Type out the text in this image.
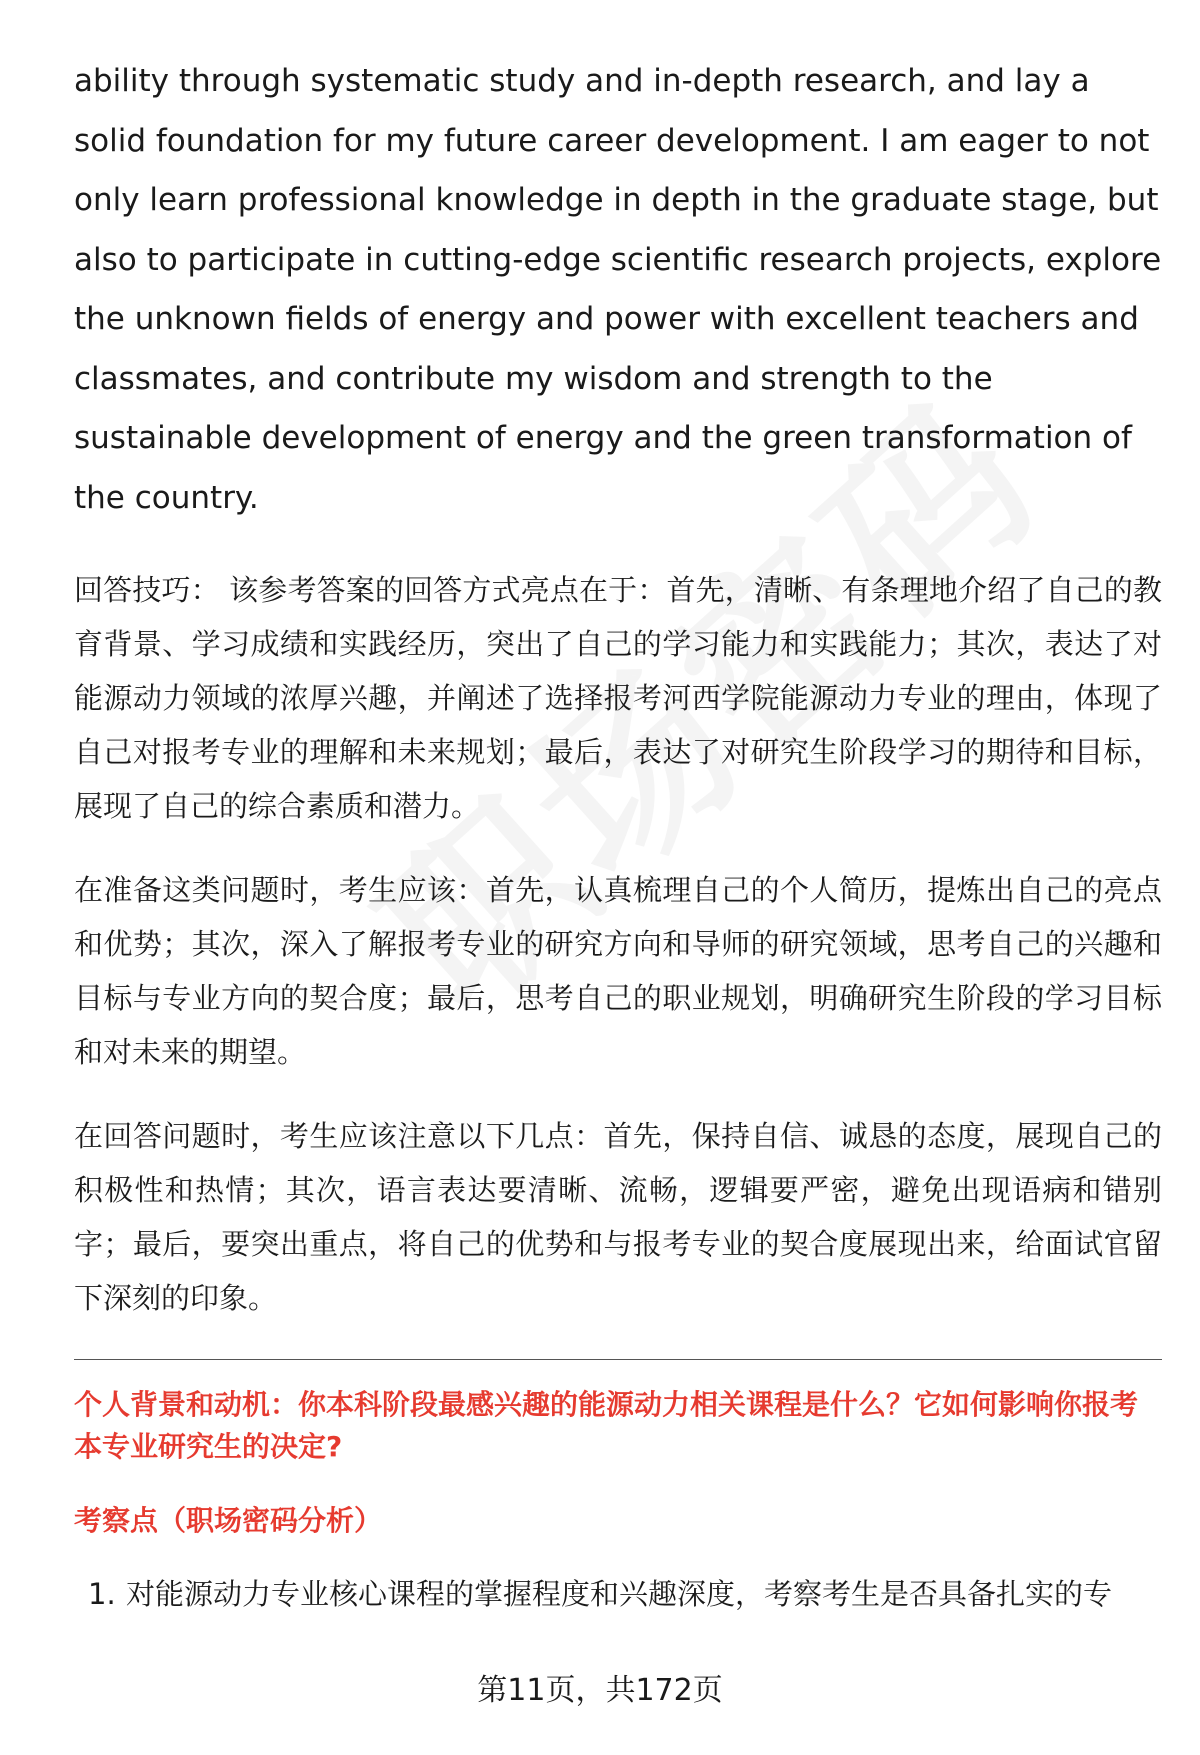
ability through systematic study and in-depth research, and lay a solid foundation for my future career development. I am eager to not only learn professional knowledge in depth in the graduate stage, but also to participate in cutting-edge scientific research projects, explore the unknown fields of energy and power with excellent teachers and classmates, and contribute my wisdom and strength to the sustainable development of energy and the green transformation of the country.

回答技巧： 该参考答案的回答方式亮点在于：首先，清晰、有条理地介绍了自己的教育背景、学习成绩和实践经历，突出了自己的学习能力和实践能力；其次，表达了对能源动力领域的浓厚兴趣，并阐述了选择报考河西学院能源动力专业的理由，体现了自己对报考专业的理解和未来规划；最后，表达了对研究生阶段学习的期待和目标，展现了自己的综合素质和潜力。

在准备这类问题时，考生应该：首先，认真梳理自己的个人简历，提炼出自己的亮点和优势；其次，深入了解报考专业的研究方向和导师的研究领域，思考自己的兴趣和目标与专业方向的契合度；最后，思考自己的职业规划，明确研究生阶段的学习目标和对未来的期望。

在回答问题时，考生应该注意以下几点：首先，保持自信、诚恳的态度，展现自己的积极性和热情；其次，语言表达要清晰、流畅，逻辑要严密，避免出现语病和错别字；最后，要突出重点，将自己的优势和与报考专业的契合度展现出来，给面试官留下深刻的印象。

个人背景和动机：你本科阶段最感兴趣的能源动力相关课程是什么？它如何影响你报考本专业研究生的决定?

考察点（职场密码分析）

1. 对能源动力专业核心课程的掌握程度和兴趣深度，考察考生是否具备扎实的专
第11页，共172页
